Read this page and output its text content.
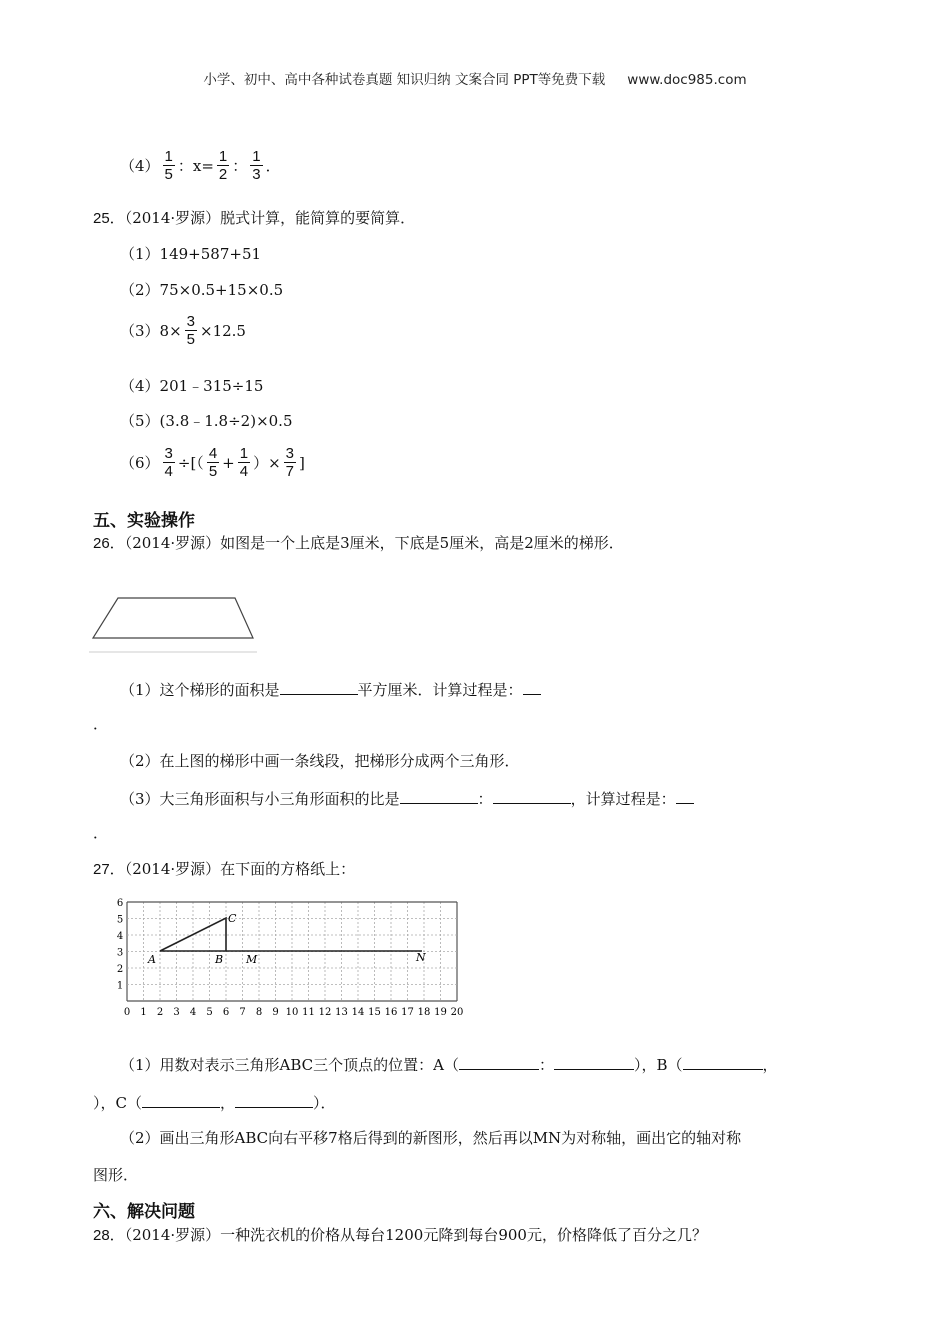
小学、初中、高中各种试卷真题 知识归纳 文案合同 PPT等免费下载 www.doc985.com
$(4) \frac{1}{5}$ ：$x= \frac{1}{2}$ ： $\frac{1}{3}$ ．
25．（2014·罗源）脱式计算，能简算的要简算．
（1）149+587+51
（2）75×0.5+15×0.5
$(3)8\times \frac{3}{5} \times 12.5$
（4）201﹣315÷15
（5）(3.8﹣1.8÷2)×0.5
$(6) \frac{3}{4}$ ÷[（ $\frac{4}{5} + \frac{1}{4}$ ）× $\frac{3}{7}$ ]
五、实验操作
26．（2014·罗源）如图是一个上底是3厘米，下底是5厘米，高是2厘米的梯形．
（1）这个梯形的面积是	平方厘米．计算过程是：
．
（2）在上图的梯形中画一条线段，把梯形分成两个三角形．
（3）大三角形面积与小三角形面积的比是	：	，计算过程是：
．
27．（2014·罗源）在下面的方格纸上：
A	B
C
M	N
0 1 2 3 4 5 6 7 8 9 10 11 12 13 14 15 16 17 18 19 20
1
2
3
4
5
6
（1）用数对表示三角形ABC三个顶点的位置：A（	：	），B（	，
），C（	，	）．
（2）画出三角形ABC向右平移7格后得到的新图形，然后再以MN为对称轴，画出它的轴对称
图形．
六、解决问题
28．（2014·罗源）一种洗衣机的价格从每台1200元降到每台900元，价格降低了百分之几？
